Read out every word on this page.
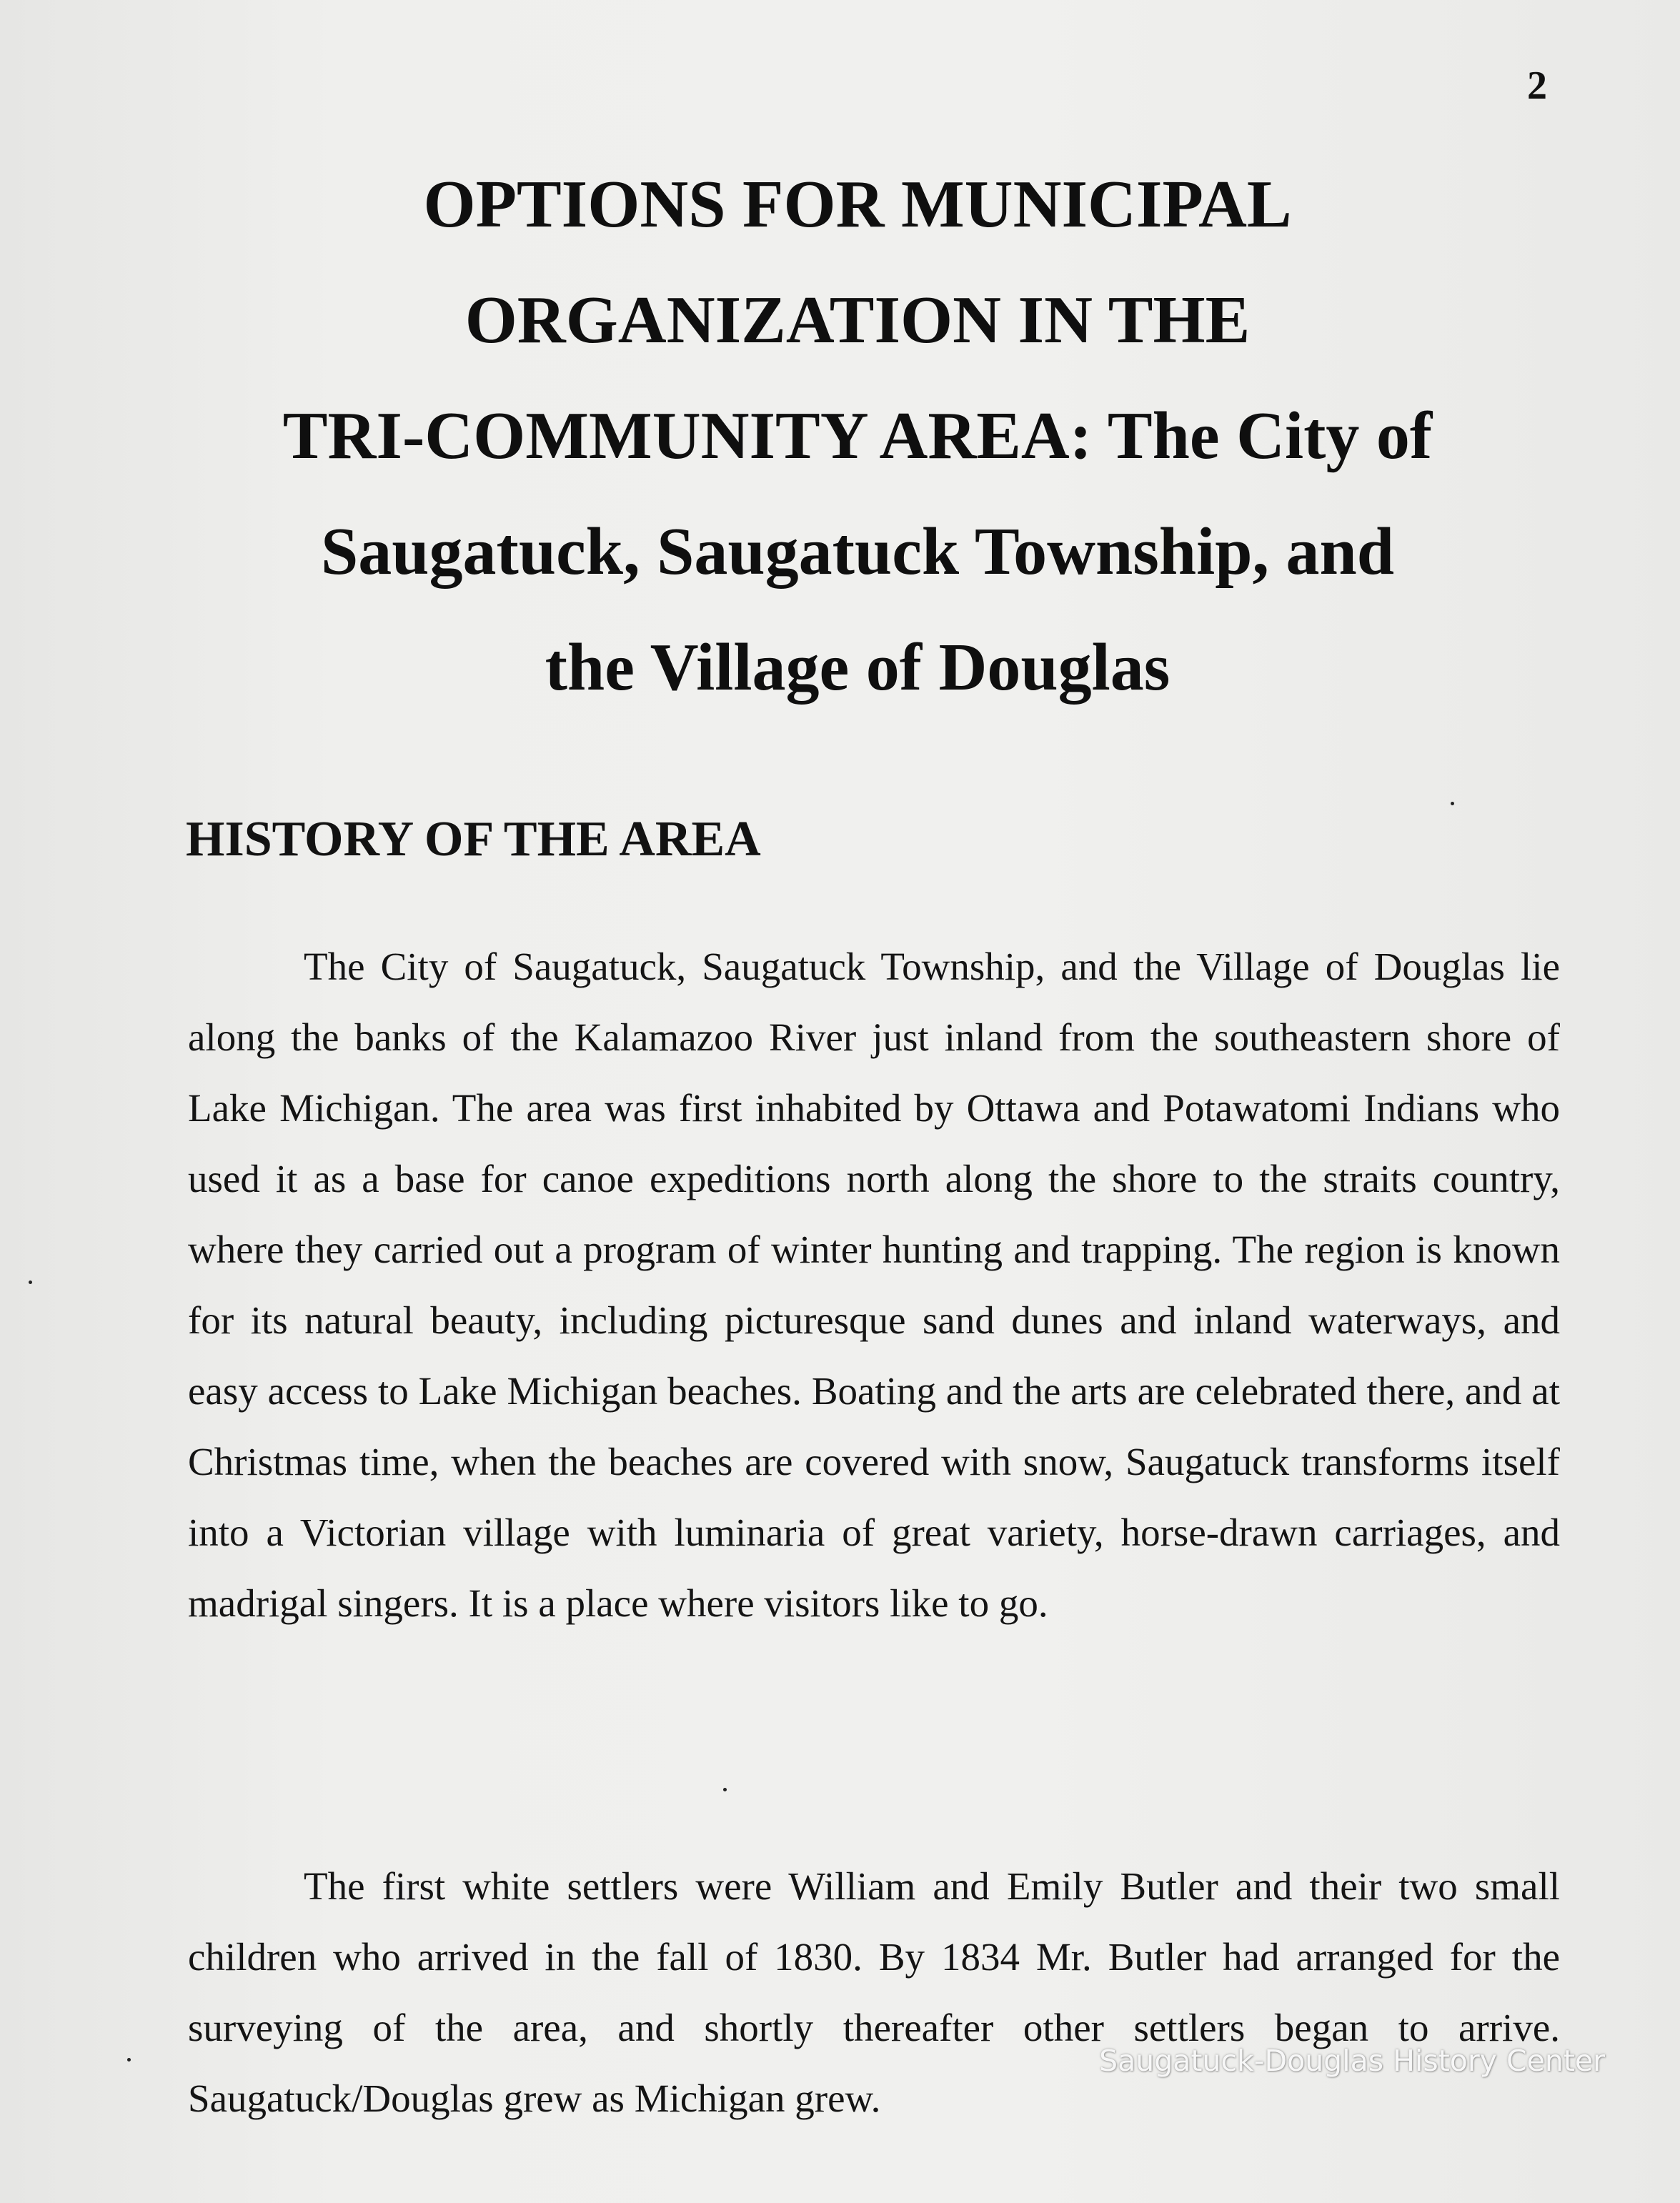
2
OPTIONS FOR MUNICIPAL
ORGANIZATION IN THE
TRI-COMMUNITY AREA: The City of
Saugatuck, Saugatuck Township, and
the Village of Douglas
HISTORY OF THE AREA

The City of Saugatuck, Saugatuck Township, and the Village of Douglas lie along the banks of the Kalamazoo River just inland from the southeastern shore of Lake Michigan. The area was first inhabited by Ottawa and Potawatomi Indians who used it as a base for canoe expeditions north along the shore to the straits country, where they carried out a program of winter hunting and trapping. The region is known for its natural beauty, including picturesque sand dunes and inland waterways, and easy access to Lake Michigan beaches. Boating and the arts are celebrated there, and at Christmas time, when the beaches are covered with snow, Saugatuck transforms itself into a Victorian village with luminaria of great variety, horse-drawn carriages, and madrigal singers. It is a place where visitors like to go.

The first white settlers were William and Emily Butler and their two small children who arrived in the fall of 1830. By 1834 Mr. Butler had arranged for the surveying of the area, and shortly thereafter other settlers began to arrive. Saugatuck/Douglas grew as Michigan grew.

Saugatuck-Douglas History Center
